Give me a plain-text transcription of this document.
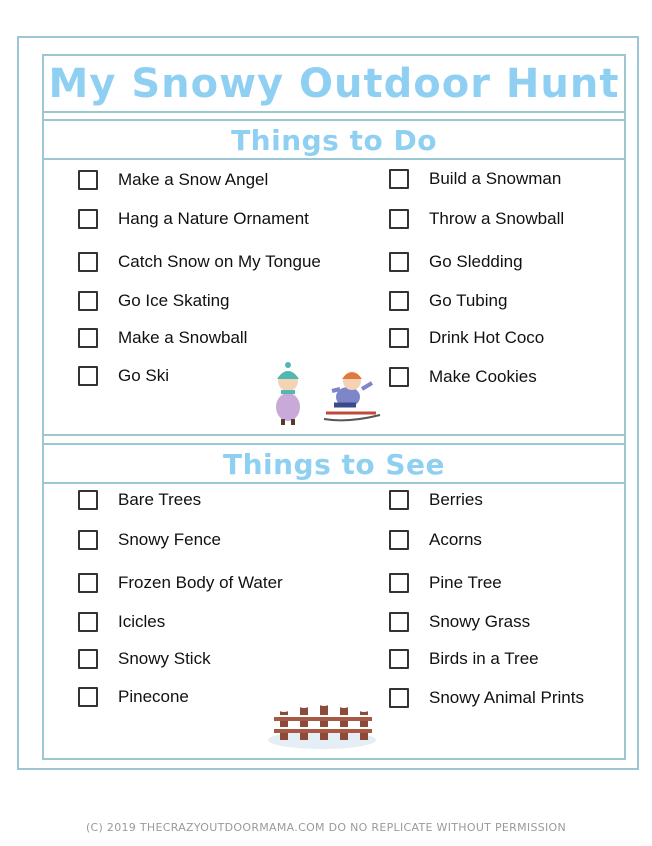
My Snowy Outdoor Hunt
Things to Do
Things to See
Make a Snow Angel
Hang a Nature Ornament
Catch Snow on My Tongue
Go Ice Skating
Make a Snowball
Go Ski
Build a Snowman
Throw a Snowball
Go Sledding
Go Tubing
Drink Hot Coco
Make Cookies
Bare Trees
Snowy Fence
Frozen Body of Water
Icicles
Snowy Stick
Pinecone
Berries
Acorns
Pine Tree
Snowy Grass
Birds in a Tree
Snowy Animal Prints
(C) 2019 THECRAZYOUTDOORMAMA.COM DO NO REPLICATE WITHOUT PERMISSION
